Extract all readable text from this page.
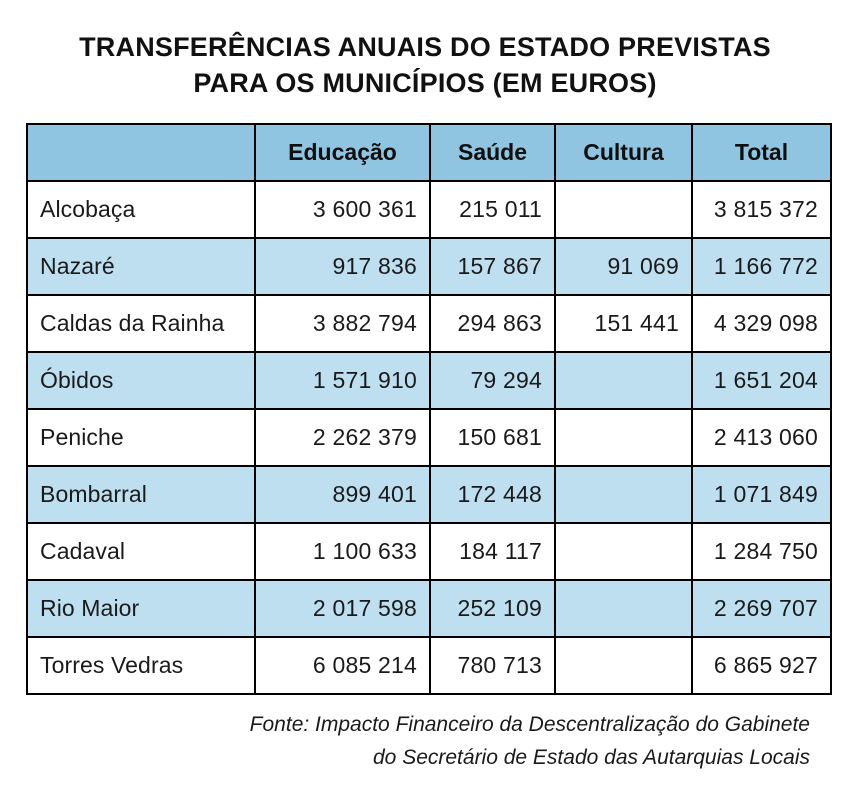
TRANSFERÊNCIAS ANUAIS DO ESTADO PREVISTAS
PARA OS MUNICÍPIOS (EM EUROS)
	Educação	Saúde	Cultura	Total
Alcobaça	3 600 361	215 011		3 815 372
Nazaré	917 836	157 867	91 069	1 166 772
Caldas da Rainha	3 882 794	294 863	151 441	4 329 098
Óbidos	1 571 910	79 294		1 651 204
Peniche	2 262 379	150 681		2 413 060
Bombarral	899 401	172 448		1 071 849
Cadaval	1 100 633	184 117		1 284 750
Rio Maior	2 017 598	252 109		2 269 707
Torres Vedras	6 085 214	780 713		6 865 927
Fonte: Impacto Financeiro da Descentralização do Gabinete
do Secretário de Estado das Autarquias Locais
